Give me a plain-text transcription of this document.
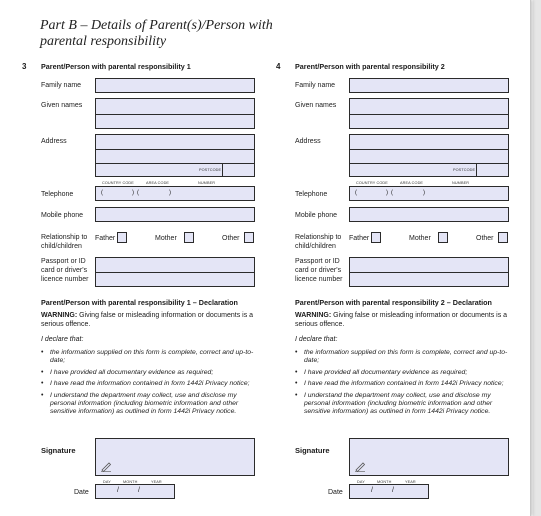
Part B – Details of Parent(s)/Person with
parental responsibility
3 Parent/Person with parental responsibility 1
Family name
Given names
Address
POSTCODE
COUNTRY CODE	AREA CODE	NUMBER
Telephone	(	) (	)
Mobile phone
Relationship to
child/children
Father	Mother	Other
Passport or ID
card or driver's
licence number
Parent/Person with parental responsibility 1 – Declaration
WARNING: Giving false or misleading information or documents is a serious offence.
I declare that:
• the information supplied on this form is complete, correct and up-to-date;
• I have provided all documentary evidence as required;
• I have read the information contained in form 1442i Privacy notice;
• I understand the department may collect, use and disclose my personal information (including biometric information and other sensitive information) as outlined in form 1442i Privacy notice.
Signature
DAY	MONTH	YEAR
Date	/	/
4 Parent/Person with parental responsibility 2
Family name
Given names
Address
POSTCODE
COUNTRY CODE	AREA CODE	NUMBER
Telephone	(	) (	)
Mobile phone
Relationship to
child/children
Father	Mother	Other
Passport or ID
card or driver's
licence number
Parent/Person with parental responsibility 2 – Declaration
WARNING: Giving false or misleading information or documents is a serious offence.
I declare that:
• the information supplied on this form is complete, correct and up-to-date;
• I have provided all documentary evidence as required;
• I have read the information contained in form 1442i Privacy notice;
• I understand the department may collect, use and disclose my personal information (including biometric information and other sensitive information) as outlined in form 1442i Privacy notice.
Signature
DAY	MONTH	YEAR
Date	/	/
